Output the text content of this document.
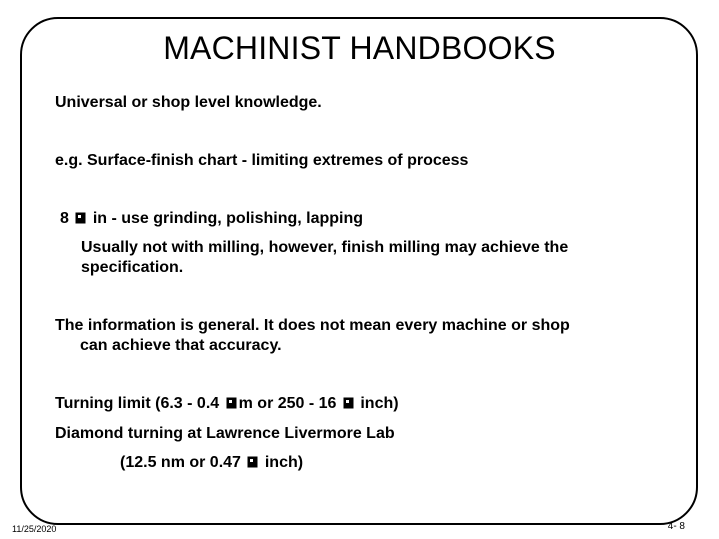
MACHINIST HANDBOOKS
Universal or shop level knowledge.
e.g. Surface-finish chart - limiting extremes of process
8 in - use grinding, polishing, lapping
Usually not with milling, however, finish milling may achieve the
specification.
The information is general. It does not mean every machine or shop
can achieve that accuracy.
Turning limit (6.3 - 0.4 m or 250 - 16 inch)
Diamond turning at Lawrence Livermore Lab
(12.5 nm or 0.47 inch)
11/25/2020	4- 8
